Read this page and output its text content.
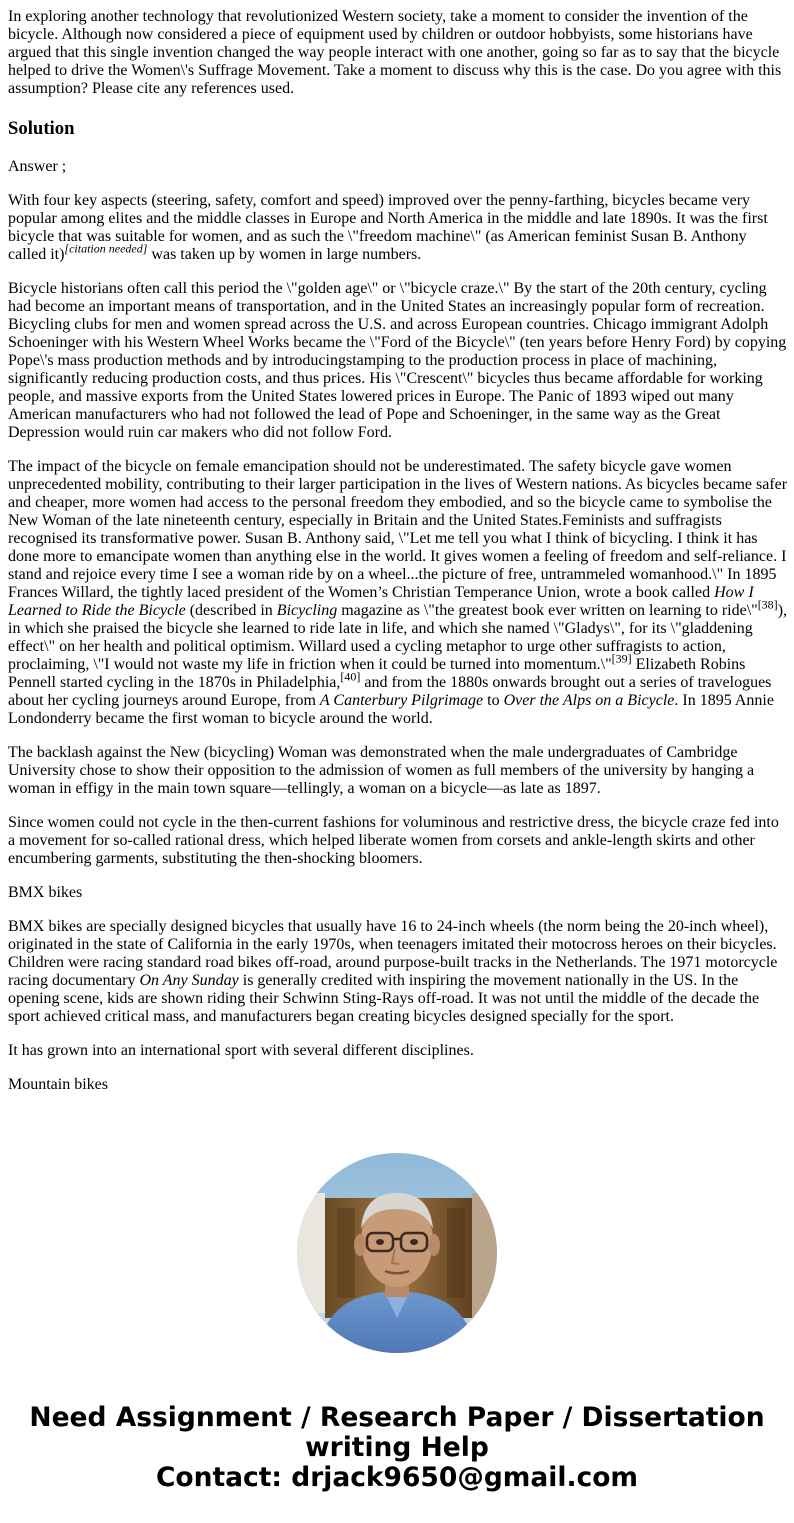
In exploring another technology that revolutionized Western society, take a moment to consider the invention of the bicycle. Although now considered a piece of equipment used by children or outdoor hobbyists, some historians have argued that this single invention changed the way people interact with one another, going so far as to say that the bicycle helped to drive the Women\'s Suffrage Movement. Take a moment to discuss why this is the case. Do you agree with this assumption? Please cite any references used.

Solution

Answer ;

With four key aspects (steering, safety, comfort and speed) improved over the penny-farthing, bicycles became very popular among elites and the middle classes in Europe and North America in the middle and late 1890s. It was the first bicycle that was suitable for women, and as such the \"freedom machine\" (as American feminist Susan B. Anthony called it)[citation needed] was taken up by women in large numbers.

Bicycle historians often call this period the \"golden age\" or \"bicycle craze.\" By the start of the 20th century, cycling had become an important means of transportation, and in the United States an increasingly popular form of recreation. Bicycling clubs for men and women spread across the U.S. and across European countries. Chicago immigrant Adolph Schoeninger with his Western Wheel Works became the \"Ford of the Bicycle\" (ten years before Henry Ford) by copying Pope\'s mass production methods and by introducingstamping to the production process in place of machining, significantly reducing production costs, and thus prices. His \"Crescent\" bicycles thus became affordable for working people, and massive exports from the United States lowered prices in Europe. The Panic of 1893 wiped out many American manufacturers who had not followed the lead of Pope and Schoeninger, in the same way as the Great Depression would ruin car makers who did not follow Ford.

The impact of the bicycle on female emancipation should not be underestimated. The safety bicycle gave women unprecedented mobility, contributing to their larger participation in the lives of Western nations. As bicycles became safer and cheaper, more women had access to the personal freedom they embodied, and so the bicycle came to symbolise the New Woman of the late nineteenth century, especially in Britain and the United States.Feminists and suffragists recognised its transformative power. Susan B. Anthony said, \"Let me tell you what I think of bicycling. I think it has done more to emancipate women than anything else in the world. It gives women a feeling of freedom and self-reliance. I stand and rejoice every time I see a woman ride by on a wheel...the picture of free, untrammeled womanhood.\" In 1895 Frances Willard, the tightly laced president of the Women’s Christian Temperance Union, wrote a book called How I Learned to Ride the Bicycle (described in Bicycling magazine as \"the greatest book ever written on learning to ride\"[38]), in which she praised the bicycle she learned to ride late in life, and which she named \"Gladys\", for its \"gladdening effect\" on her health and political optimism. Willard used a cycling metaphor to urge other suffragists to action, proclaiming, \"I would not waste my life in friction when it could be turned into momentum.\"[39] Elizabeth Robins Pennell started cycling in the 1870s in Philadelphia,[40] and from the 1880s onwards brought out a series of travelogues about her cycling journeys around Europe, from A Canterbury Pilgrimage to Over the Alps on a Bicycle. In 1895 Annie Londonderry became the first woman to bicycle around the world.

The backlash against the New (bicycling) Woman was demonstrated when the male undergraduates of Cambridge University chose to show their opposition to the admission of women as full members of the university by hanging a woman in effigy in the main town square—tellingly, a woman on a bicycle—as late as 1897.

Since women could not cycle in the then-current fashions for voluminous and restrictive dress, the bicycle craze fed into a movement for so-called rational dress, which helped liberate women from corsets and ankle-length skirts and other encumbering garments, substituting the then-shocking bloomers.

BMX bikes

BMX bikes are specially designed bicycles that usually have 16 to 24-inch wheels (the norm being the 20-inch wheel), originated in the state of California in the early 1970s, when teenagers imitated their motocross heroes on their bicycles. Children were racing standard road bikes off-road, around purpose-built tracks in the Netherlands. The 1971 motorcycle racing documentary On Any Sunday is generally credited with inspiring the movement nationally in the US. In the opening scene, kids are shown riding their Schwinn Sting-Rays off-road. It was not until the middle of the decade the sport achieved critical mass, and manufacturers began creating bicycles designed specially for the sport.

It has grown into an international sport with several different disciplines.

Mountain bikes

Need Assignment / Research Paper / Dissertation
writing Help
Contact: drjack9650@gmail.com
